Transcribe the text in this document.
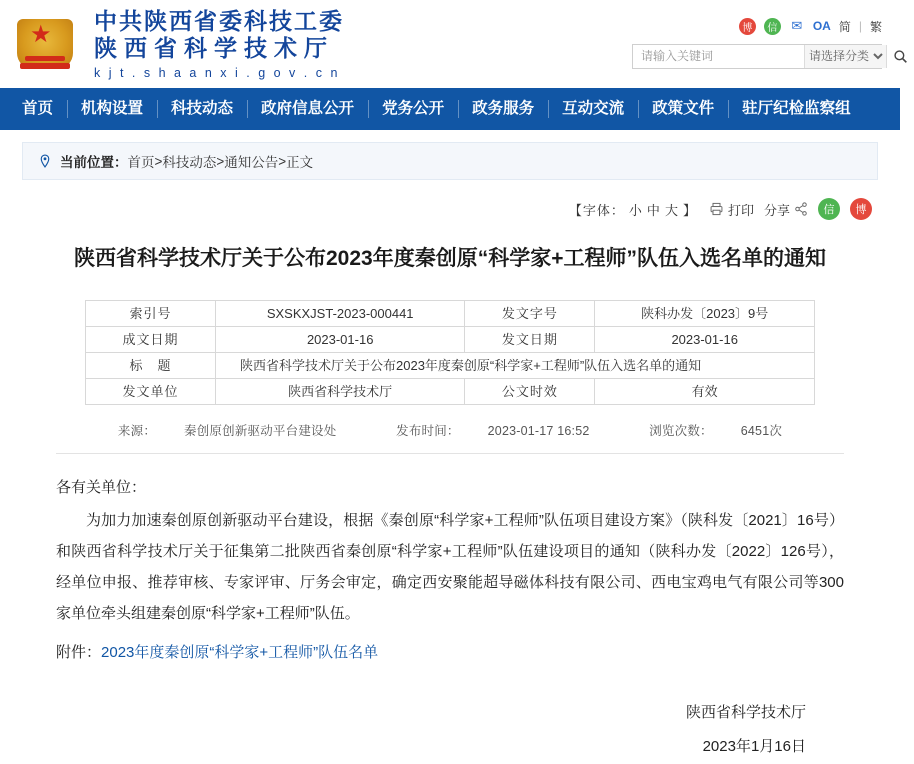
★ 中共陕西省委科技工委
陕西省科学技术厅
k j t . s h a a n x i . g o v . c n
博	信 ✉ OA 简 | 繁
请输入关键词
请选择分类
首页	机构设置	科技动态	政府信息公开	党务公开	政务服务	互动交流	政策文件	驻厅纪检监察组
当前位置： 首页 > 科技动态 > 通知公告 > 正文
【字体： 小 中 大 】 打印 分享	信	博
陕西省科学技术厅关于公布2023年度秦创原“科学家+工程师”队伍入选名单的通知
索引号	SXSKXJST-2023-000441	发文字号	陕科办发〔2023〕9号
成文日期	2023-01-16	发文日期	2023-01-16
标　题	陕西省科学技术厅关于公布2023年度秦创原“科学家+工程师”队伍入选名单的通知		
发文单位	陕西省科学技术厅	公文时效	有效
来源： 秦创原创新驱动平台建设处	发布时间： 2023-01-17 16:52	浏览次数： 6451次

各有关单位：

为加力加速秦创原创新驱动平台建设，根据《秦创原“科学家+工程师”队伍项目建设方案》（陕科发〔2021〕16号）和陕西省科学技术厅关于征集第二批陕西省秦创原“科学家+工程师”队伍建设项目的通知（陕科办发〔2022〕126号），经单位申报、推荐审核、专家评审、厅务会审定，确定西安聚能超导磁体科技有限公司、西电宝鸡电气有限公司等300家单位牵头组建秦创原“科学家+工程师”队伍。

附件：2023年度秦创原“科学家+工程师”队伍名单
陕西省科学技术厅
2023年1月16日
